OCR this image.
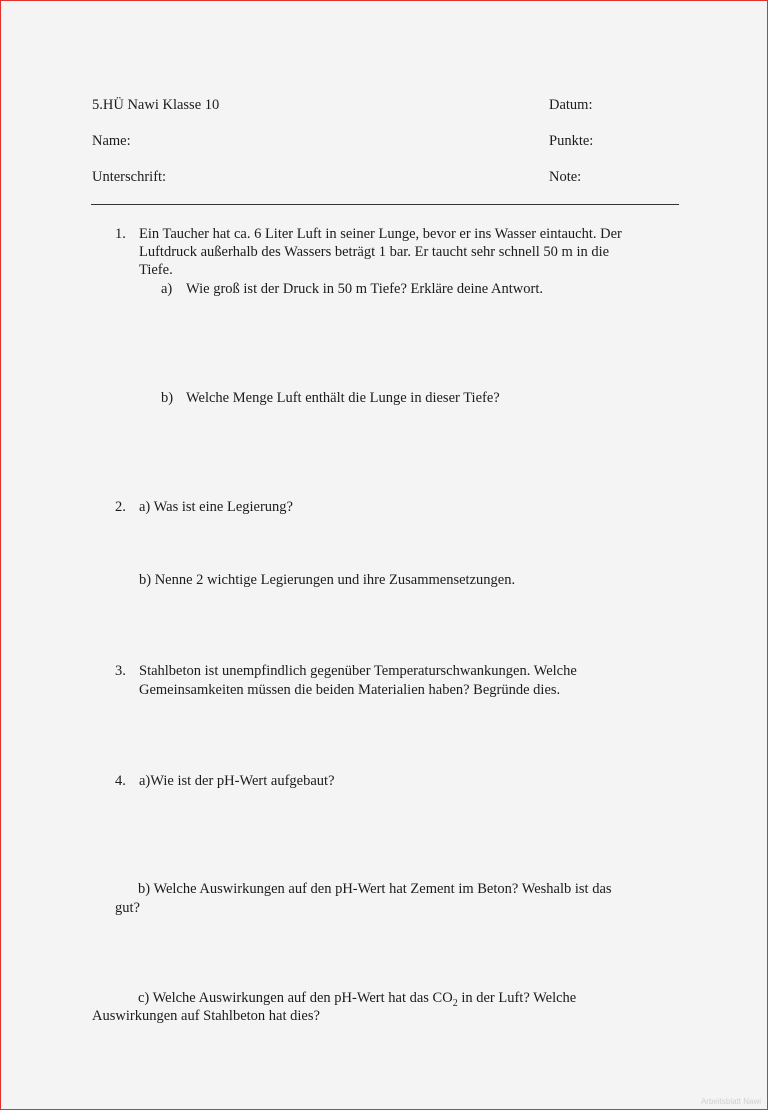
5.HÜ Nawi Klasse 10	Datum:
Name:	Punkte:
Unterschrift:	Note:
1. Ein Taucher hat ca. 6 Liter Luft in seiner Lunge, bevor er ins Wasser eintaucht. Der
Luftdruck außerhalb des Wassers beträgt 1 bar. Er taucht sehr schnell 50 m in die
Tiefe.
a) Wie groß ist der Druck in 50 m Tiefe? Erkläre deine Antwort.
b) Welche Menge Luft enthält die Lunge in dieser Tiefe?
2. a) Was ist eine Legierung?
b) Nenne 2 wichtige Legierungen und ihre Zusammensetzungen.
3. Stahlbeton ist unempfindlich gegenüber Temperaturschwankungen. Welche
Gemeinsamkeiten müssen die beiden Materialien haben? Begründe dies.
4. a)Wie ist der pH-Wert aufgebaut?
b) Welche Auswirkungen auf den pH-Wert hat Zement im Beton? Weshalb ist das
gut?
c) Welche Auswirkungen auf den pH-Wert hat das $CO_2$ in der Luft? Welche
Auswirkungen auf Stahlbeton hat dies?
Arbeitsblatt Nawi
